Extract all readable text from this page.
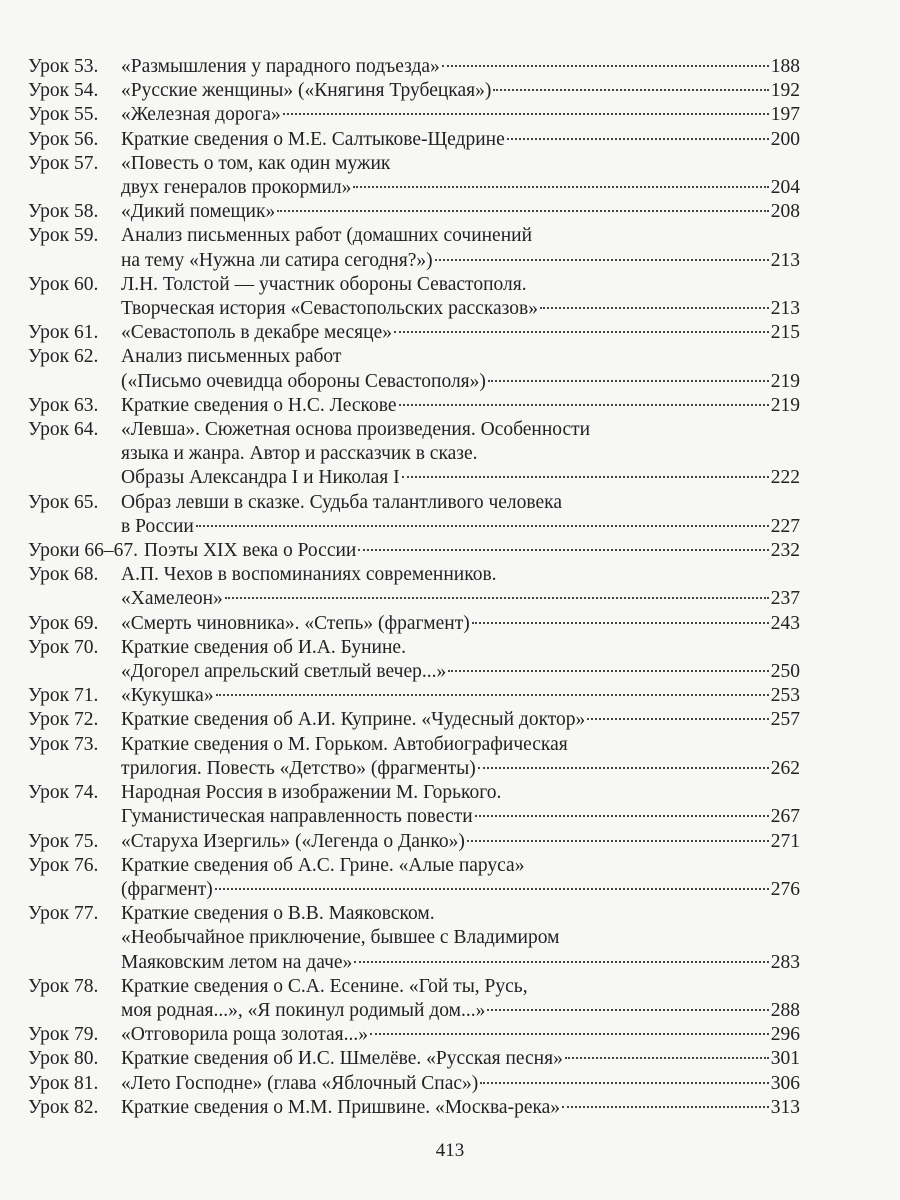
Урок 53.	«Размышления у парадного подъезда»	188
Урок 54.	«Русские женщины» («Княгиня Трубецкая»)	192
Урок 55.	«Железная дорога»	197
Урок 56.	Краткие сведения о М.Е. Салтыкове-Щедрине	200
Урок 57.	«Повесть о том, как один мужик
двух генералов прокормил»	204
Урок 58.	«Дикий помещик»	208
Урок 59.	Анализ письменных работ (домашних сочинений
на тему «Нужна ли сатира сегодня?»)	213
Урок 60.	Л.Н. Толстой — участник обороны Севастополя.
Творческая история «Севастопольских рассказов»	213
Урок 61.	«Севастополь в декабре месяце»	215
Урок 62.	Анализ письменных работ
(«Письмо очевидца обороны Севастополя»)	219
Урок 63.	Краткие сведения о Н.С. Лескове	219
Урок 64.	«Левша». Сюжетная основа произведения. Особенности
языка и жанра. Автор и рассказчик в сказе.
Образы Александра I и Николая I	222
Урок 65.	Образ левши в сказке. Судьба талантливого человека
в России	227
Уроки 66–67. Поэты XIX века о России	232
Урок 68.	А.П. Чехов в воспоминаниях современников.
«Хамелеон»	237
Урок 69.	«Смерть чиновника». «Степь» (фрагмент)	243
Урок 70.	Краткие сведения об И.А. Бунине.
«Догорел апрельский светлый вечер...»	250
Урок 71.	«Кукушка»	253
Урок 72.	Краткие сведения об А.И. Куприне. «Чудесный доктор»	257
Урок 73.	Краткие сведения о М. Горьком. Автобиографическая
трилогия. Повесть «Детство» (фрагменты)	262
Урок 74.	Народная Россия в изображении М. Горького.
Гуманистическая направленность повести	267
Урок 75.	«Старуха Изергиль» («Легенда о Данко»)	271
Урок 76.	Краткие сведения об А.С. Грине. «Алые паруса»
(фрагмент)	276
Урок 77.	Краткие сведения о В.В. Маяковском.
«Необычайное приключение, бывшее с Владимиром
Маяковским летом на даче»	283
Урок 78.	Краткие сведения о С.А. Есенине. «Гой ты, Русь,
моя родная...», «Я покинул родимый дом...»	288
Урок 79.	«Отговорила роща золотая...»	296
Урок 80.	Краткие сведения об И.С. Шмелёве. «Русская песня»	301
Урок 81.	«Лето Господне» (глава «Яблочный Спас»)	306
Урок 82.	Краткие сведения о М.М. Пришвине. «Москва-река»	313
413
